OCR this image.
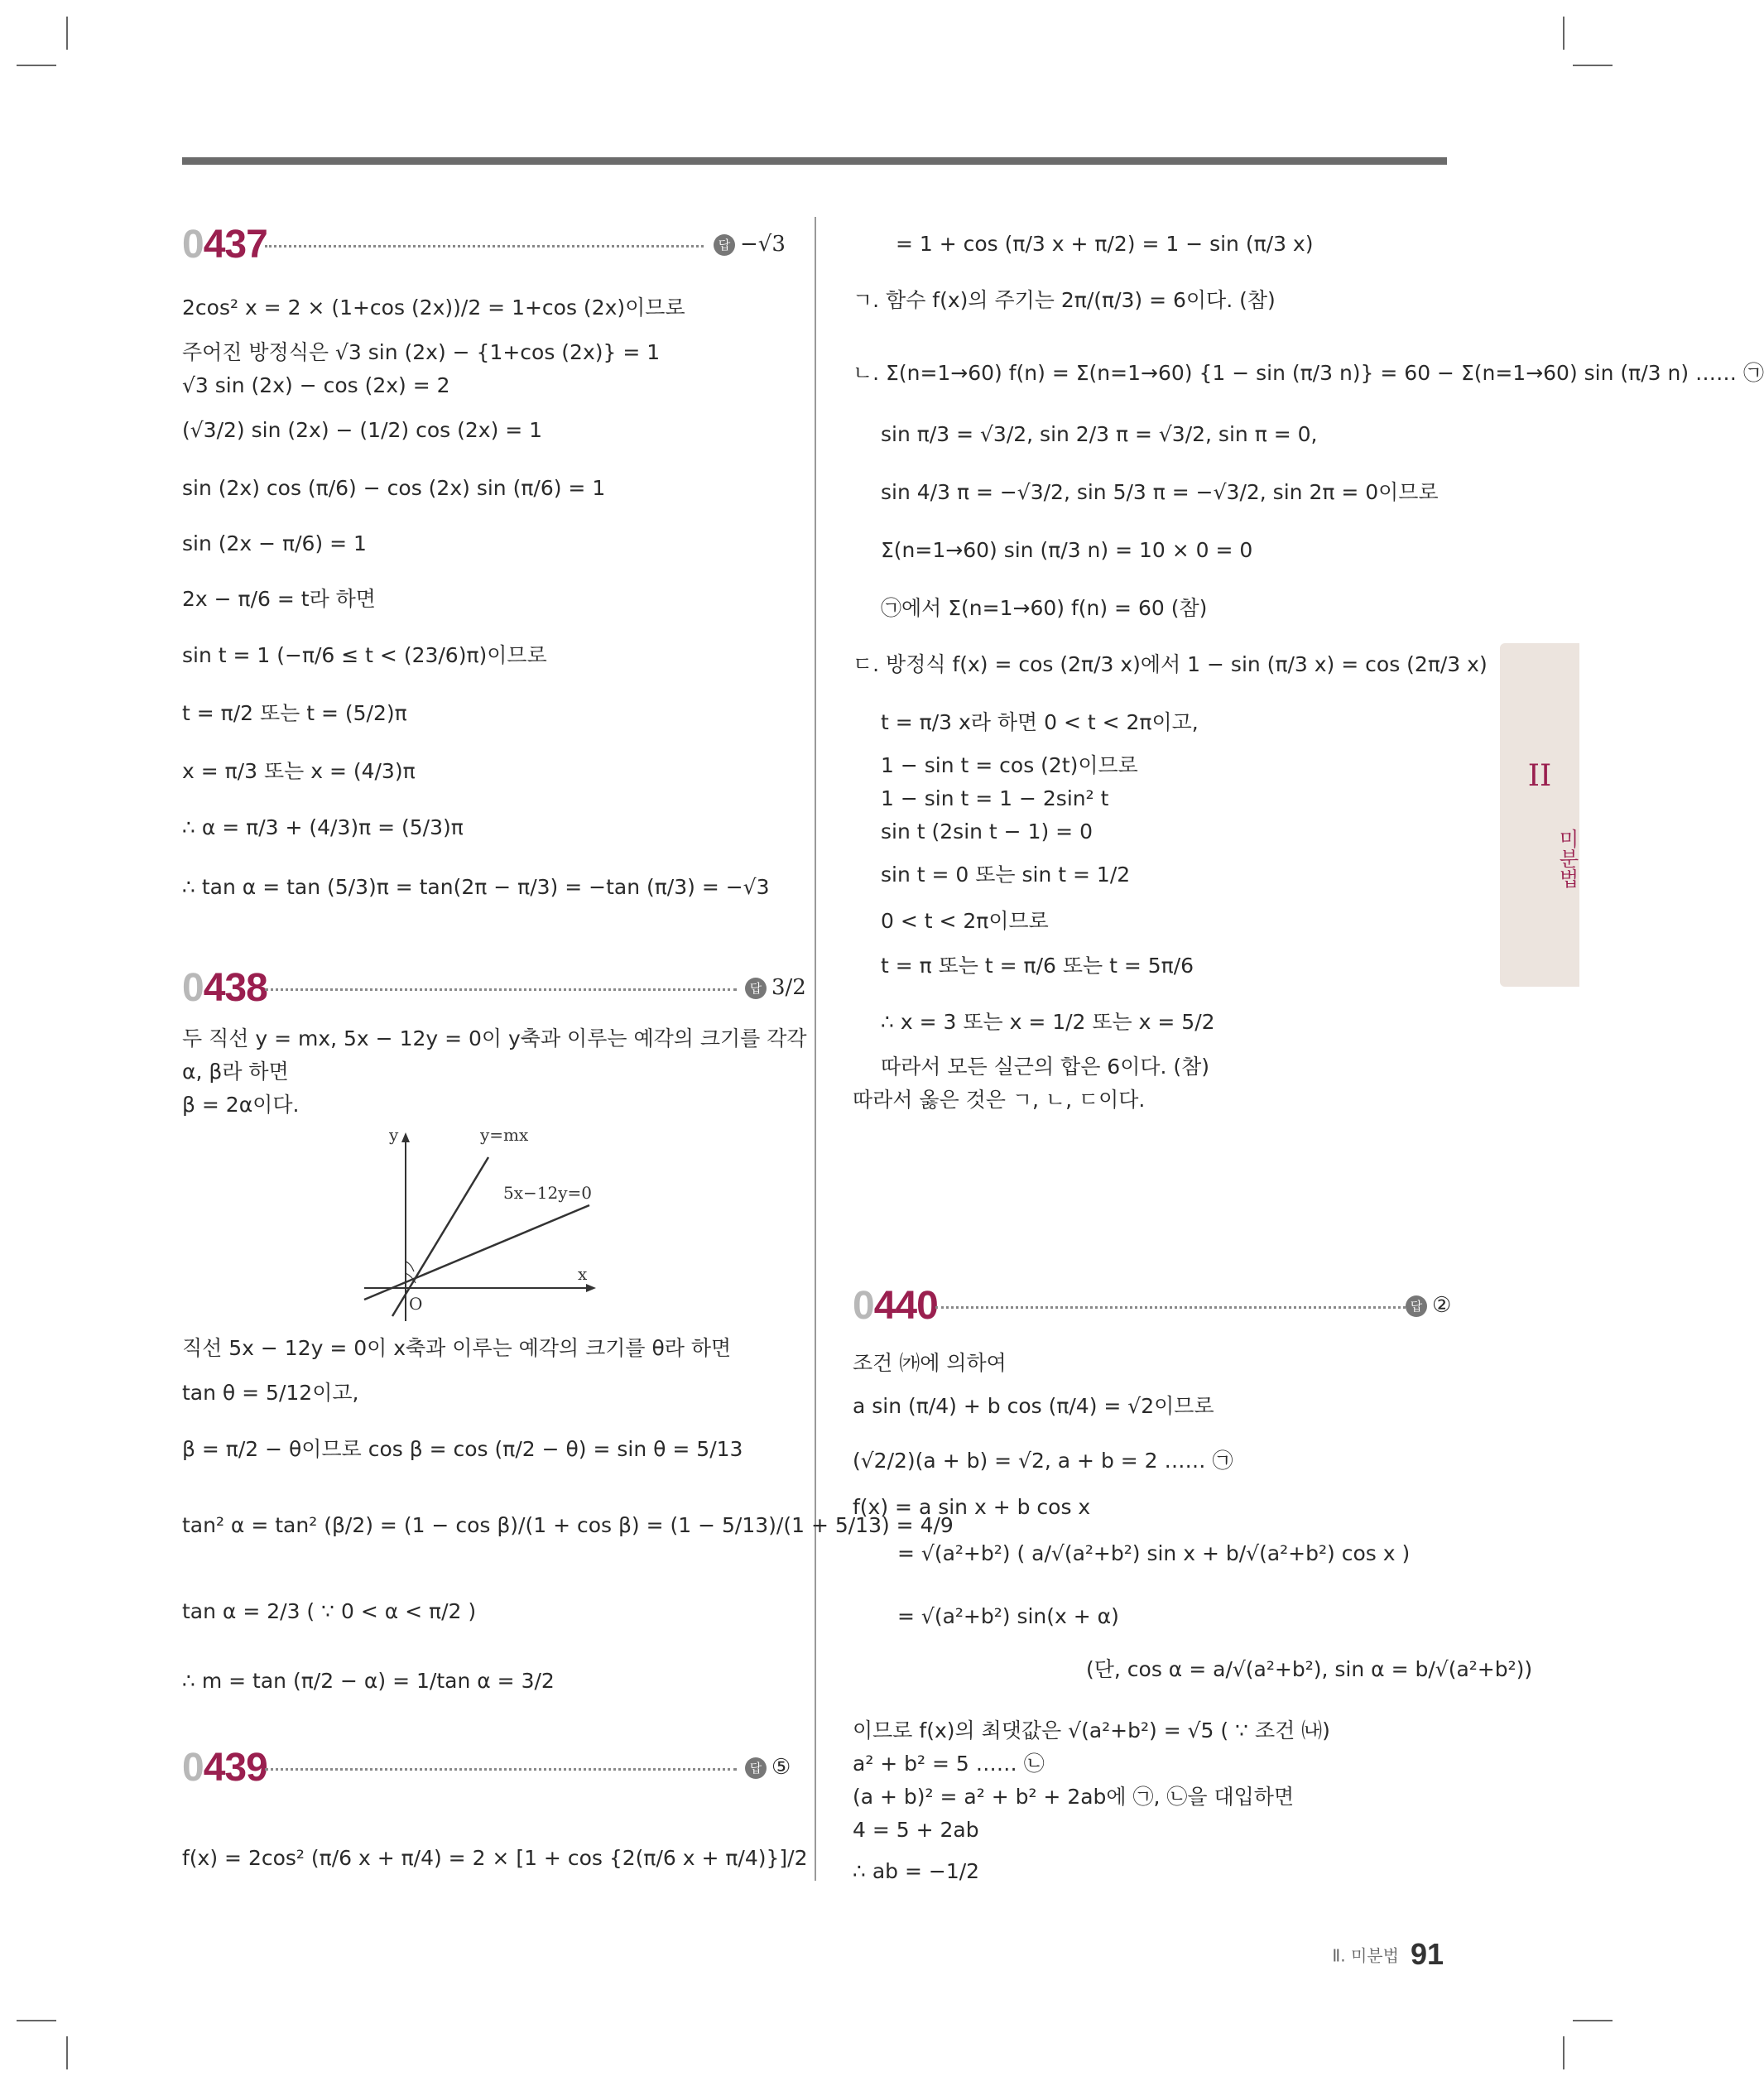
0437	답 −√3
2cos² x = 2 × (1+cos (2x))/2 = 1+cos (2x)이므로
주어진 방정식은 √3 sin (2x) − {1+cos (2x)} = 1
√3 sin (2x) − cos (2x) = 2
(√3/2) sin (2x) − (1/2) cos (2x) = 1
sin (2x) cos (π/6) − cos (2x) sin (π/6) = 1
sin (2x − π/6) = 1
2x − π/6 = t라 하면
sin t = 1 (−π/6 ≤ t < (23/6)π)이므로
t = π/2 또는 t = (5/2)π
x = π/3 또는 x = (4/3)π
∴ α = π/3 + (4/3)π = (5/3)π
∴ tan α = tan (5/3)π = tan(2π − π/3) = −tan (π/3) = −√3
0438	답 3/2
두 직선 y = mx, 5x − 12y = 0이 y축과 이루는 예각의 크기를 각각
α, β라 하면
β = 2α이다.
y
x
O
y=mx
5x−12y=0
직선 5x − 12y = 0이 x축과 이루는 예각의 크기를 θ라 하면
tan θ = 5/12이고,
β = π/2 − θ이므로 cos β = cos (π/2 − θ) = sin θ = 5/13
tan² α = tan² (β/2) = (1 − cos β)/(1 + cos β) = (1 − 5/13)/(1 + 5/13) = 4/9
tan α = 2/3 ( ∵ 0 < α < π/2 )
∴ m = tan (π/2 − α) = 1/tan α = 3/2
0439	답 ⑤
f(x) = 2cos² (π/6 x + π/4) = 2 × [1 + cos {2(π/6 x + π/4)}]/2
= 1 + cos (π/3 x + π/2) = 1 − sin (π/3 x)
ㄱ. 함수 f(x)의 주기는 2π/(π/3) = 6이다. (참)
ㄴ. Σ(n=1→60) f(n) = Σ(n=1→60) {1 − sin (π/3 n)} = 60 − Σ(n=1→60) sin (π/3 n) …… ㉠
sin π/3 = √3/2, sin 2/3 π = √3/2, sin π = 0,
sin 4/3 π = −√3/2, sin 5/3 π = −√3/2, sin 2π = 0이므로
Σ(n=1→60) sin (π/3 n) = 10 × 0 = 0
㉠에서 Σ(n=1→60) f(n) = 60 (참)
ㄷ. 방정식 f(x) = cos (2π/3 x)에서 1 − sin (π/3 x) = cos (2π/3 x)
t = π/3 x라 하면 0 < t < 2π이고,
1 − sin t = cos (2t)이므로
1 − sin t = 1 − 2sin² t
sin t (2sin t − 1) = 0
sin t = 0 또는 sin t = 1/2
0 < t < 2π이므로
t = π 또는 t = π/6 또는 t = 5π/6
∴ x = 3 또는 x = 1/2 또는 x = 5/2
따라서 모든 실근의 합은 6이다. (참)
따라서 옳은 것은 ㄱ, ㄴ, ㄷ이다.
0440	답 ②
조건 ㈎에 의하여
a sin (π/4) + b cos (π/4) = √2이므로
(√2/2)(a + b) = √2, a + b = 2 …… ㉠
f(x) = a sin x + b cos x
= √(a²+b²) ( a/√(a²+b²) sin x + b/√(a²+b²) cos x )
= √(a²+b²) sin(x + α)
(단, cos α = a/√(a²+b²), sin α = b/√(a²+b²))
이므로 f(x)의 최댓값은 √(a²+b²) = √5 ( ∵ 조건 ㈏)
a² + b² = 5 …… ㉡
(a + b)² = a² + b² + 2ab에 ㉠, ㉡을 대입하면
4 = 5 + 2ab
∴ ab = −1/2
II
미분법
Ⅱ. 미분법 91
